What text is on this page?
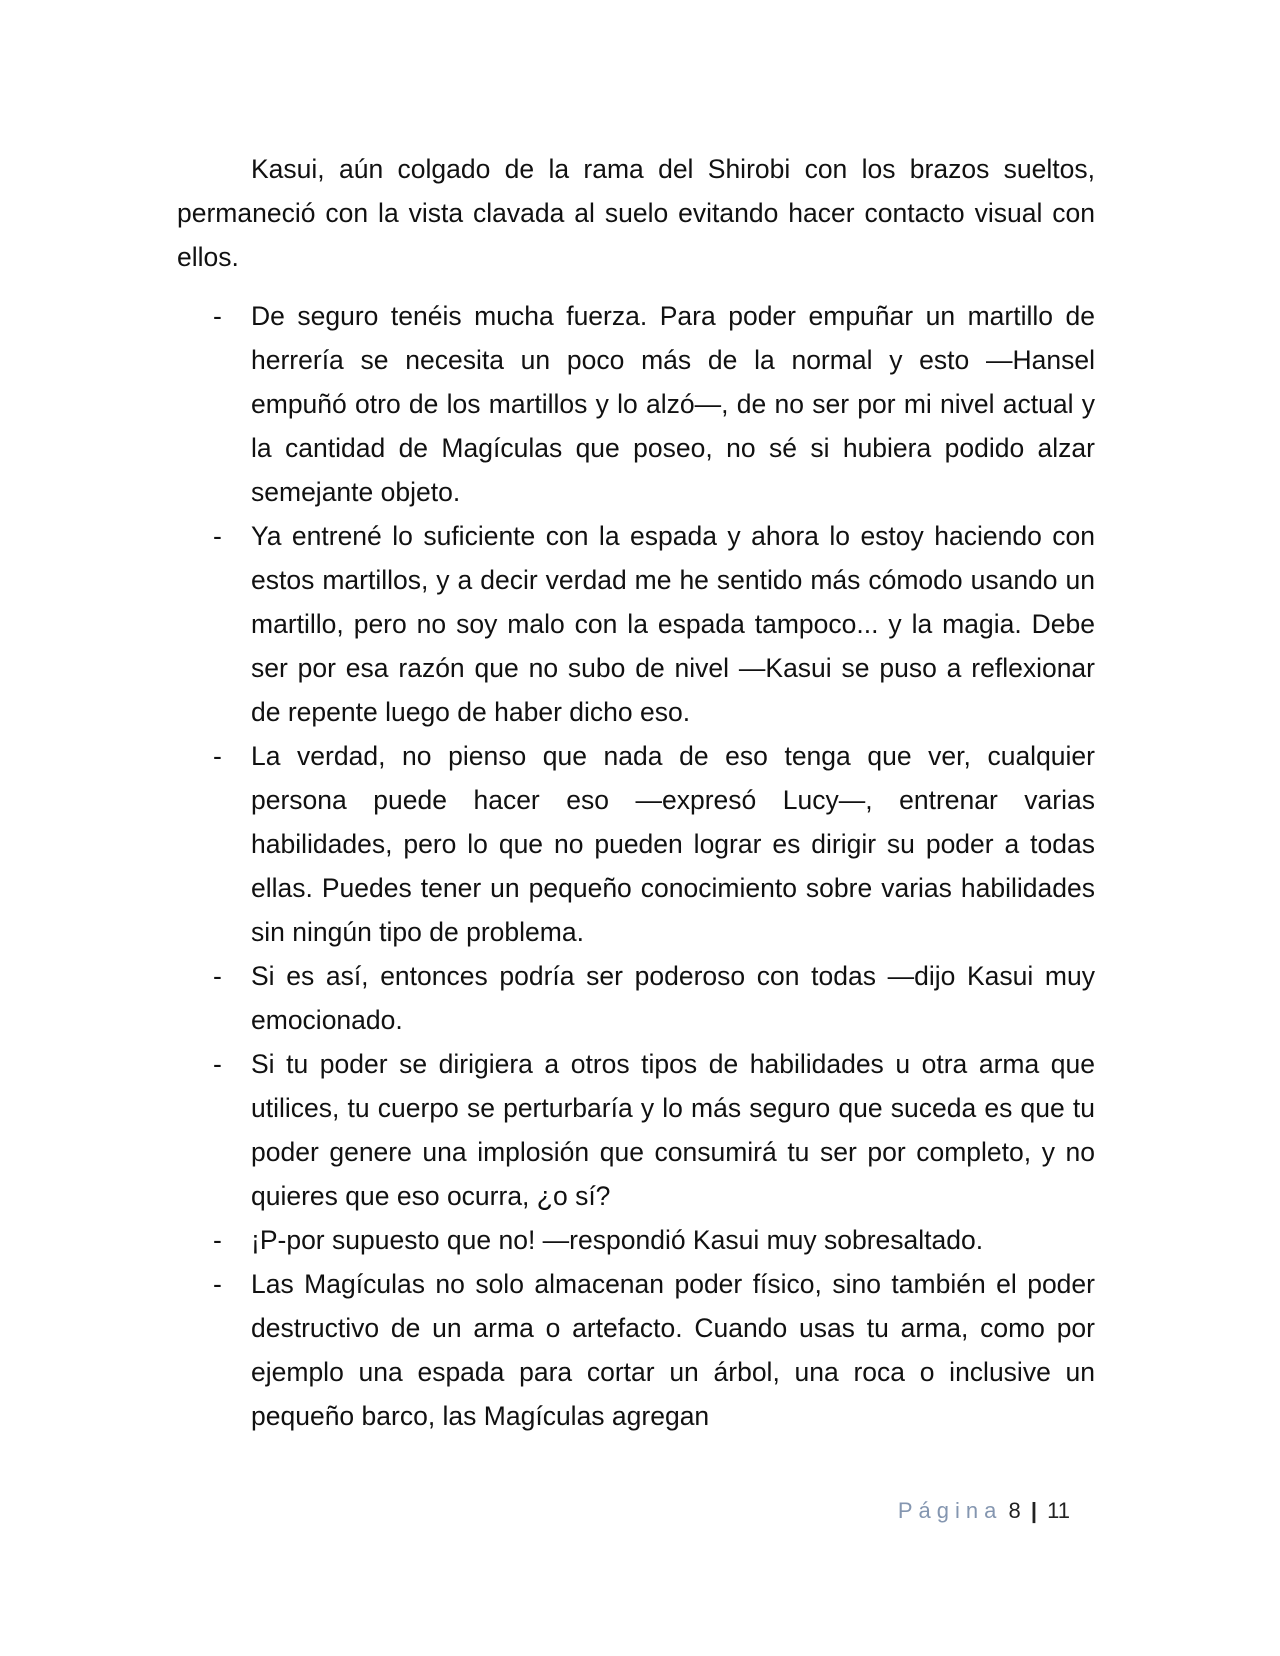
Kasui, aún colgado de la rama del Shirobi con los brazos sueltos, permaneció con la vista clavada al suelo evitando hacer contacto visual con ellos.

- De seguro tenéis mucha fuerza. Para poder empuñar un martillo de herrería se necesita un poco más de la normal y esto —Hansel empuñó otro de los martillos y lo alzó—, de no ser por mi nivel actual y la cantidad de Magículas que poseo, no sé si hubiera podido alzar semejante objeto.

- Ya entrené lo suficiente con la espada y ahora lo estoy haciendo con estos martillos, y a decir verdad me he sentido más cómodo usando un martillo, pero no soy malo con la espada tampoco... y la magia. Debe ser por esa razón que no subo de nivel —Kasui se puso a reflexionar de repente luego de haber dicho eso.

- La verdad, no pienso que nada de eso tenga que ver, cualquier persona puede hacer eso —expresó Lucy—, entrenar varias habilidades, pero lo que no pueden lograr es dirigir su poder a todas ellas. Puedes tener un pequeño conocimiento sobre varias habilidades sin ningún tipo de problema.

- Si es así, entonces podría ser poderoso con todas —dijo Kasui muy emocionado.

- Si tu poder se dirigiera a otros tipos de habilidades u otra arma que utilices, tu cuerpo se perturbaría y lo más seguro que suceda es que tu poder genere una implosión que consumirá tu ser por completo, y no quieres que eso ocurra, ¿o sí?

- ¡P-por supuesto que no! —respondió Kasui muy sobresaltado.

- Las Magículas no solo almacenan poder físico, sino también el poder destructivo de un arma o artefacto. Cuando usas tu arma, como por ejemplo una espada para cortar un árbol, una roca o inclusive un pequeño barco, las Magículas agregan

Página 8 | 11
